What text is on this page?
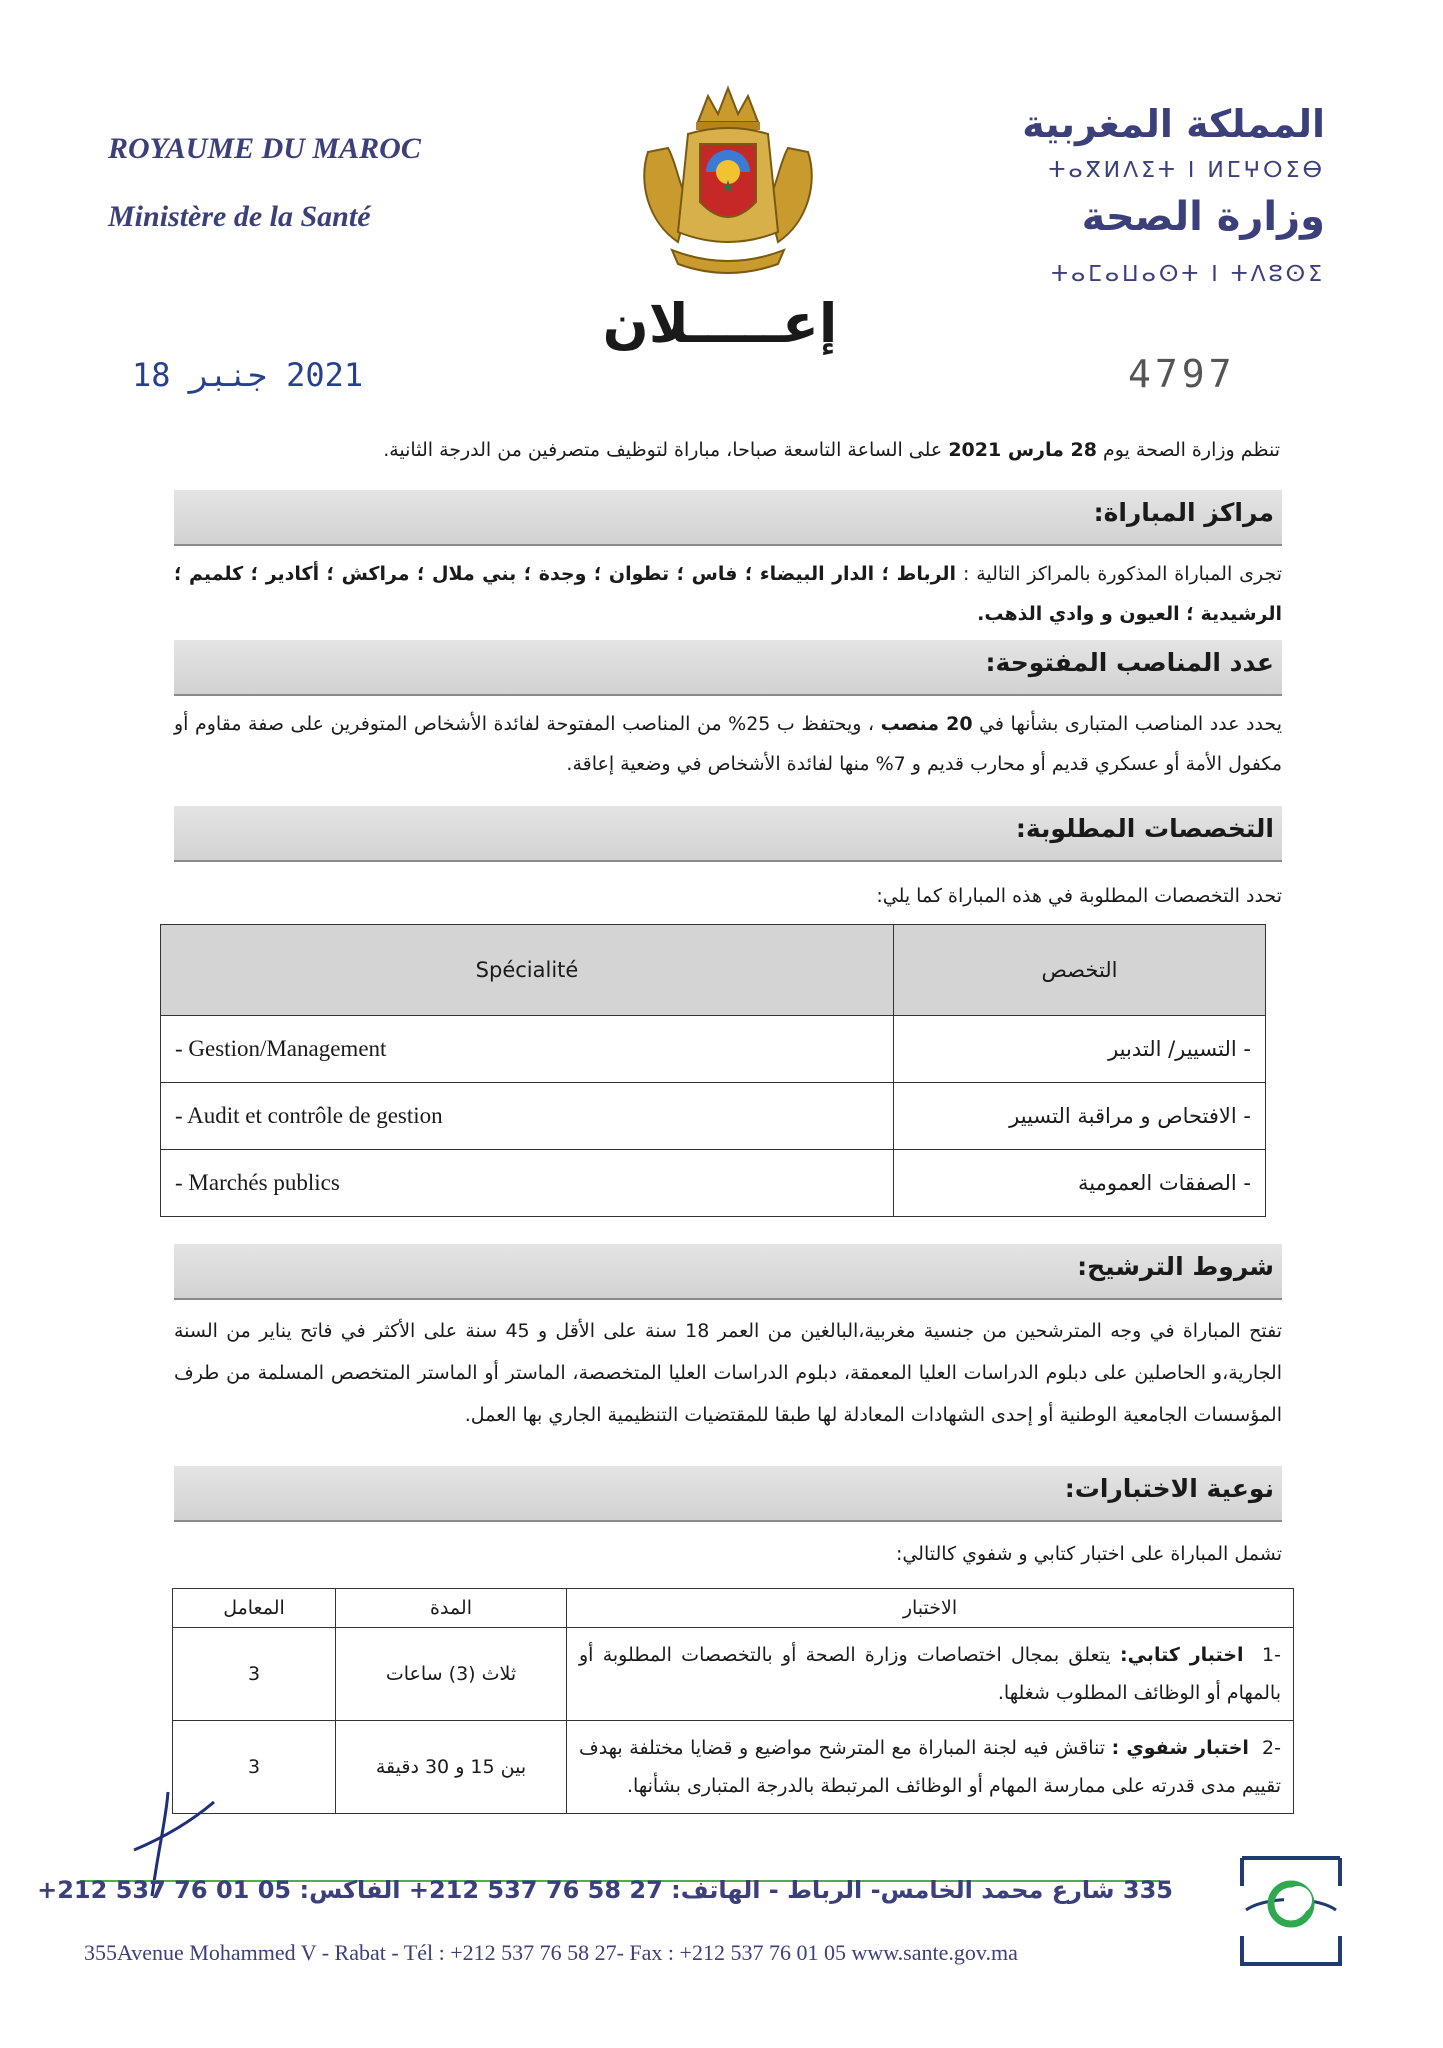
ROYAUME DU MAROC
Ministère de la Santé
المملكة المغربية
ⵜⴰⴳⵍⴷⵉⵜ ⵏ ⵍⵎⵖⵔⵉⴱ
وزارة الصحة
ⵜⴰⵎⴰⵡⴰⵙⵜ ⵏ ⵜⴷⵓⵙⵉ
إعـــــلان
2021 جنبر 18	4797
تنظم وزارة الصحة يوم 28 مارس 2021 على الساعة التاسعة صباحا، مباراة لتوظيف متصرفين من الدرجة الثانية.
مراكز المباراة:
تجرى المباراة المذكورة بالمراكز التالية : الرباط ؛ الدار البيضاء ؛ فاس ؛ تطوان ؛ وجدة ؛ بني ملال ؛ مراكش ؛ أكادير ؛ كلميم ؛ الرشيدية ؛ العيون و وادي الذهب.
عدد المناصب المفتوحة:
يحدد عدد المناصب المتبارى بشأنها في 20 منصب ، ويحتفظ ب 25% من المناصب المفتوحة لفائدة الأشخاص المتوفرين على صفة مقاوم أو مكفول الأمة أو عسكري قديم أو محارب قديم و 7% منها لفائدة الأشخاص في وضعية إعاقة.
التخصصات المطلوبة:
تحدد التخصصات المطلوبة في هذه المباراة كما يلي:
Spécialité	التخصص
- Gestion/Management	- التسيير/ التدبير
- Audit et contrôle de gestion	- الافتحاص و مراقبة التسيير
- Marchés publics	- الصفقات العمومية
شروط الترشيح:
تفتح المباراة في وجه المترشحين من جنسية مغربية،البالغين من العمر 18 سنة على الأقل و 45 سنة على الأكثر في فاتح يناير من السنة الجارية،و الحاصلين على دبلوم الدراسات العليا المعمقة، دبلوم الدراسات العليا المتخصصة، الماستر أو الماستر المتخصص المسلمة من طرف المؤسسات الجامعية الوطنية أو إحدى الشهادات المعادلة لها طبقا للمقتضيات التنظيمية الجاري بها العمل.
نوعية الاختبارات:
تشمل المباراة على اختبار كتابي و شفوي كالتالي:
الاختبار	المدة	المعامل
-1  اختبار كتابي: يتعلق بمجال اختصاصات وزارة الصحة أو بالتخصصات المطلوبة أو بالمهام أو الوظائف المطلوب شغلها.	ثلاث (3) ساعات	3
-2  اختبار شفوي : تناقش فيه لجنة المباراة مع المترشح مواضيع و قضايا مختلفة بهدف تقييم مدى قدرته على ممارسة المهام أو الوظائف المرتبطة بالدرجة المتبارى بشأنها.	بين 15 و 30 دقيقة	3
335 شارع محمد الخامس- الرباط - الهاتف: 27 58 76 537 212+ الفاكس: 05 01 76 537 212+
355Avenue Mohammed V - Rabat - Tél : +212 537 76 58 27- Fax : +212 537 76 01 05 www.sante.gov.ma
